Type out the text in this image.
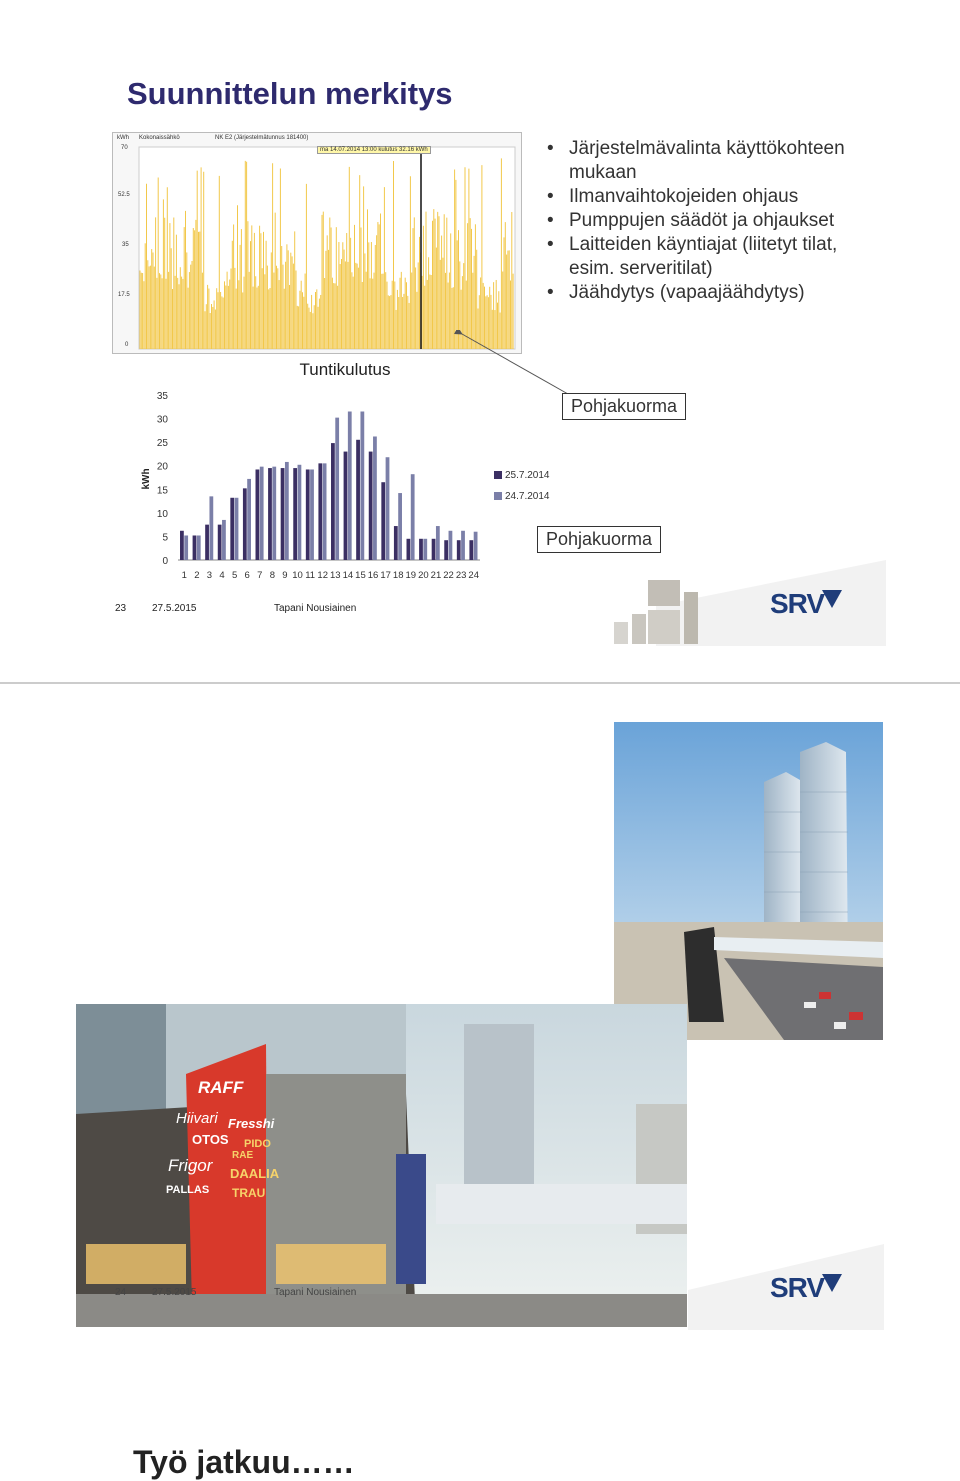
Suunnittelun merkitys
kWh Kokonaissähkö	NK E2 (Järjestelmätunnus 181400)
ma 14.07.2014 13:00 kulutus 32.16 kWh
70
52.5
35
17.5
0
• Järjestelmävalinta käyttökohteen mukaan
• Ilmanvaihtokojeiden ohjaus
• Pumppujen säädöt ja ohjaukset
• Laitteiden käyntiajat (liitetyt tilat, esim. serveritilat)
• Jäähdytys (vapaajäähdytys)
Pohjakuorma
Pohjakuorma
Tuntikulutus
kWh
0
5
10
15
20
25
30
35
1 2 3 4 5 6 7 8 9 10 11 12 13 14 15 16 17 18 19 20 21 22 23 24
25.7.2014
24.7.2014
23	27.5.2015	Tapani Nousiainen	SRV
Työ jatkuu……
RAFF
Hiivari
OTOS
Frigor
PALLAS
Fresshi
PIDO
RAE
DAALIA
TRAU
24	27.5.2015	Tapani Nousiainen	SRV
